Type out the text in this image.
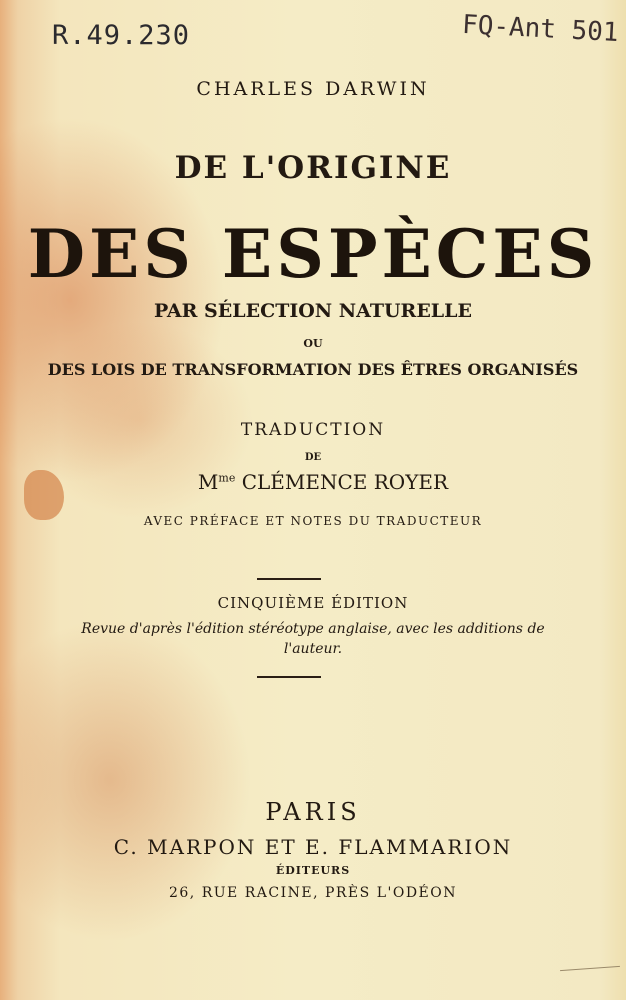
R.49.230	FQ-Ant 501
CHARLES DARWIN
DE L'ORIGINE
DES ESPÈCES
PAR SÉLECTION NATURELLE
OU
DES LOIS DE TRANSFORMATION DES ÊTRES ORGANISÉS
TRADUCTION
DE
$M^{me}$ CLÉMENCE ROYER
AVEC PRÉFACE ET NOTES DU TRADUCTEUR
CINQUIÈME ÉDITION
Revue d'après l'édition stéréotype anglaise, avec les additions de l'auteur.
PARIS
C. MARPON ET E. FLAMMARION
ÉDITEURS
26, RUE RACINE, PRÈS L'ODÉON
